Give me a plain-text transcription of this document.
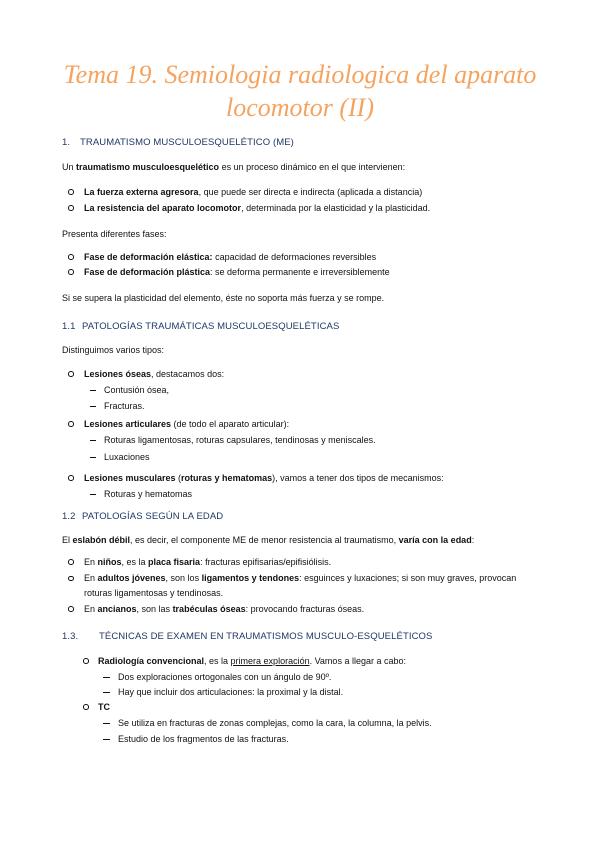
Tema 19. Semiologia radiologica del aparato
locomotor (II)
1. TRAUMATISMO MUSCULOESQUELÉTICO (ME)
Un traumatismo musculoesquelético es un proceso dinámico en el que intervienen:
La fuerza externa agresora, que puede ser directa e indirecta (aplicada a distancia)
La resistencia del aparato locomotor, determinada por la elasticidad y la plasticidad.
Presenta diferentes fases:
Fase de deformación elástica: capacidad de deformaciones reversibles
Fase de deformación plástica: se deforma permanente e irreversiblemente
Si se supera la plasticidad del elemento, éste no soporta más fuerza y se rompe.
1.1 PATOLOGÍAS TRAUMÁTICAS MUSCULOESQUELÉTICAS
Distinguimos varios tipos:
Lesiones óseas, destacamos dos:
Contusión ósea,
Fracturas.
Lesiones articulares (de todo el aparato articular):
Roturas ligamentosas, roturas capsulares, tendinosas y meniscales.
Luxaciones
Lesiones musculares (roturas y hematomas), vamos a tener dos tipos de mecanismos:
Roturas y hematomas
1.2 PATOLOGÍAS SEGÚN LA EDAD
El eslabón débil, es decir, el componente ME de menor resistencia al traumatismo, varía con la edad:
En niños, es la placa fisaria: fracturas epifisarias/epifisiólisis.
En adultos jóvenes, son los ligamentos y tendones: esguinces y luxaciones; si son muy graves, provocan
roturas ligamentosas y tendinosas.
En ancianos, son las trabéculas óseas: provocando fracturas óseas.
1.3. TÉCNICAS DE EXAMEN EN TRAUMATISMOS MUSCULO-ESQUELÉTICOS
Radiología convencional, es la primera exploración. Vamos a llegar a cabo:
Dos exploraciones ortogonales con un ángulo de 90º.
Hay que incluir dos articulaciones: la proximal y la distal.
TC
Se utiliza en fracturas de zonas complejas, como la cara, la columna, la pelvis.
Estudio de los fragmentos de las fracturas.
